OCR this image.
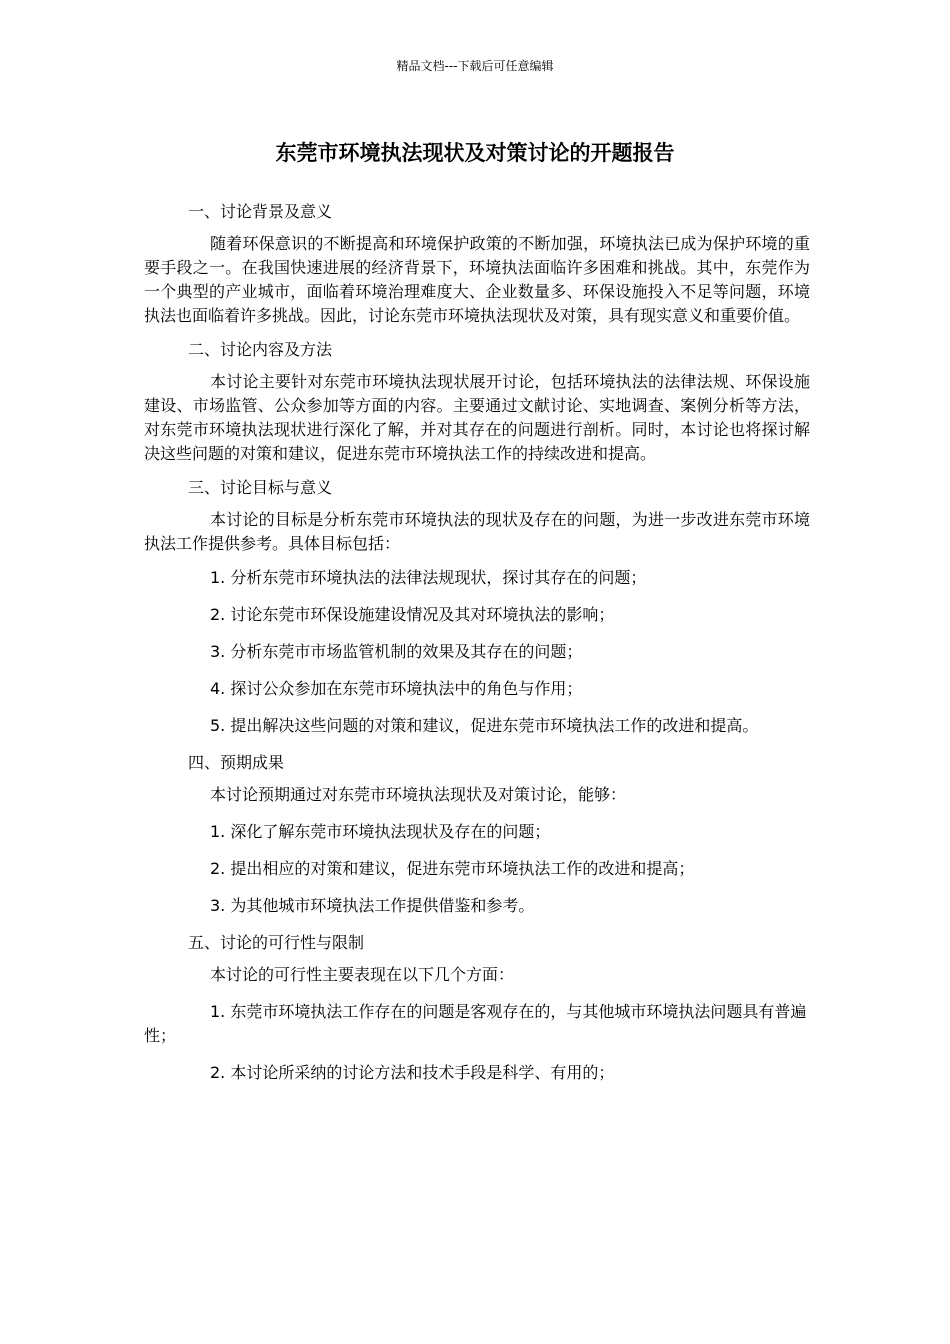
精品文档---下载后可任意编辑
东莞市环境执法现状及对策讨论的开题报告
一、讨论背景及意义

随着环保意识的不断提高和环境保护政策的不断加强，环境执法已成为保护环境的重要手段之一。在我国快速进展的经济背景下，环境执法面临许多困难和挑战。其中，东莞作为一个典型的产业城市，面临着环境治理难度大、企业数量多、环保设施投入不足等问题，环境执法也面临着许多挑战。因此，讨论东莞市环境执法现状及对策，具有现实意义和重要价值。

二、讨论内容及方法

本讨论主要针对东莞市环境执法现状展开讨论，包括环境执法的法律法规、环保设施建设、市场监管、公众参加等方面的内容。主要通过文献讨论、实地调查、案例分析等方法，对东莞市环境执法现状进行深化了解，并对其存在的问题进行剖析。同时，本讨论也将探讨解决这些问题的对策和建议，促进东莞市环境执法工作的持续改进和提高。

三、讨论目标与意义

本讨论的目标是分析东莞市环境执法的现状及存在的问题，为进一步改进东莞市环境执法工作提供参考。具体目标包括：

1. 分析东莞市环境执法的法律法规现状，探讨其存在的问题；

2. 讨论东莞市环保设施建设情况及其对环境执法的影响；

3. 分析东莞市市场监管机制的效果及其存在的问题；

4. 探讨公众参加在东莞市环境执法中的角色与作用；

5. 提出解决这些问题的对策和建议，促进东莞市环境执法工作的改进和提高。

四、预期成果

本讨论预期通过对东莞市环境执法现状及对策讨论，能够：

1. 深化了解东莞市环境执法现状及存在的问题；

2. 提出相应的对策和建议，促进东莞市环境执法工作的改进和提高；

3. 为其他城市环境执法工作提供借鉴和参考。

五、讨论的可行性与限制

本讨论的可行性主要表现在以下几个方面：

1. 东莞市环境执法工作存在的问题是客观存在的，与其他城市环境执法问题具有普遍性；

2. 本讨论所采纳的讨论方法和技术手段是科学、有用的；
